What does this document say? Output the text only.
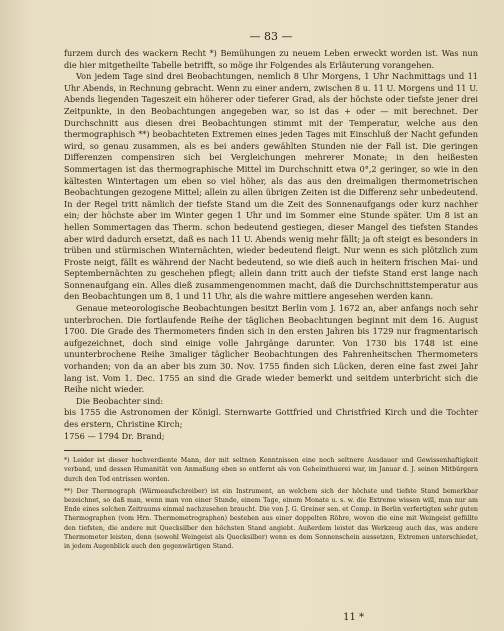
— 83 —

furzem durch des wackern Recht *) Bemühungen zu neuem Leben erweckt worden ist. Was nun die hier mitgetheilte Tabelle betrifft, so möge ihr Folgendes als Erläuterung vorangehen.

Von jedem Tage sind drei Beobachtungen, nemlich 8 Uhr Morgens, 1 Uhr Nachmittags und 11 Uhr Abends, in Rechnung gebracht. Wenn zu einer andern, zwischen 8 u. 11 U. Morgens und 11 U. Abends liegenden Tageszeit ein höherer oder tieferer Grad, als der höchste oder tiefste jener drei Zeitpunkte, in den Beobachtungen angegeben war, so ist das + oder — mit berechnet. Der Durchschnitt aus diesen drei Beobachtungen stimmt mit der Temperatur, welche aus den thermographisch **) beobachteten Extremen eines jeden Tages mit Einschluß der Nacht gefunden wird, so genau zusammen, als es bei anders gewählten Stunden nie der Fall ist. Die geringen Differenzen compensiren sich bei Vergleichungen mehrerer Monate; in den heißesten Sommertagen ist das thermographische Mittel im Durchschnitt etwa 0°,2 geringer, so wie in den kältesten Wintertagen um eben so viel höher, als das aus den dreimaligen thermometrischen Beobachtungen gezogene Mittel; allein zu allen übrigen Zeiten ist die Differenz sehr unbedeutend. In der Regel tritt nämlich der tiefste Stand um die Zeit des Sonnenaufgangs oder kurz nachher ein; der höchste aber im Winter gegen 1 Uhr und im Sommer eine Stunde später. Um 8 ist an hellen Sommertagen das Therm. schon bedeutend gestiegen, dieser Mangel des tiefsten Standes aber wird dadurch ersetzt, daß es nach 11 U. Abends wenig mehr fällt; ja oft steigt es besonders in trüben und stürmischen Winternächten, wieder bedeutend fleigt. Nur wenn es sich plötzlich zum Froste neigt, fällt es während der Nacht bedeutend, so wie dieß auch in heitern frischen Mai- und Septembernächten zu geschehen pflegt; allein dann tritt auch der tiefste Stand erst lange nach Sonnenaufgang ein. Alles dieß zusammengenommen macht, daß die Durchschnittstemperatur aus den Beobachtungen um 8, 1 und 11 Uhr, als die wahre mittlere angesehen werden kann.

Genaue meteorologische Beobachtungen besitzt Berlin vom J. 1672 an, aber anfangs noch sehr unterbrochen. Die fortlaufende Reihe der täglichen Beobachtungen beginnt mit dem 16. August 1700. Die Grade des Thermometers finden sich in den ersten Jahren bis 1729 nur fragmentarisch aufgezeichnet, doch sind einige volle Jahrgänge darunter. Von 1730 bis 1748 ist eine ununterbrochene Reihe 3maliger täglicher Beobachtungen des Fahrenheitschen Thermometers vorhanden; von da an aber bis zum 30. Nov. 1755 finden sich Lücken, deren eine fast zwei Jahr lang ist. Vom 1. Dec. 1755 an sind die Grade wieder bemerkt und seitdem unterbricht sich die Reihe nicht wieder.

Die Beobachter sind:
bis 1755 die Astronomen der Königl. Sternwarte Gottfried und Christfried Kirch und die Tochter des erstern, Christine Kirch;
1756 — 1794 Dr. Brand;

*) Leider ist dieser hochverdiente Mann, der mit seltnen Kenntnissen eine noch seltnere Ausdauer und Gewissenhaftigkeit verband, und dessen Humanität von Anmaßung eben so entfernt als von Geheimthuerei war, im Januar d. J. seinen Mitbürgern durch den Tod entrissen worden.

**) Der Thermograph (Wärmeaufschreiber) ist ein Instrument, an welchem sich der höchste und tiefste Stand bemerkbar bezeichnet, so daß man, wenn man von einer Stunde, einem Tage, einem Monate u. s. w. die Extreme wissen will, man nur am Ende eines solchen Zeitraums einmal nachzusehen braucht. Die von J. G. Greiner sen. et Comp. in Berlin verfertigten sehr guten Thermographen (vom Hrn. Thermometrographen) bestehen aus einer doppelten Röhre, wovon die eine mit Weingeist gefüllte den tiefsten, die andere mit Quecksilber den höchsten Stand angiebt. Außerdem leistet das Werkzeug auch das, was andere Thermometer leisten, denn (sowohl Weingeist als Quecksilber) wenn es dem Sonnenschein aussetzen, Extremen unterschiedet, in jedem Augenblick auch den gegenwärtigen Stand.

11 *
